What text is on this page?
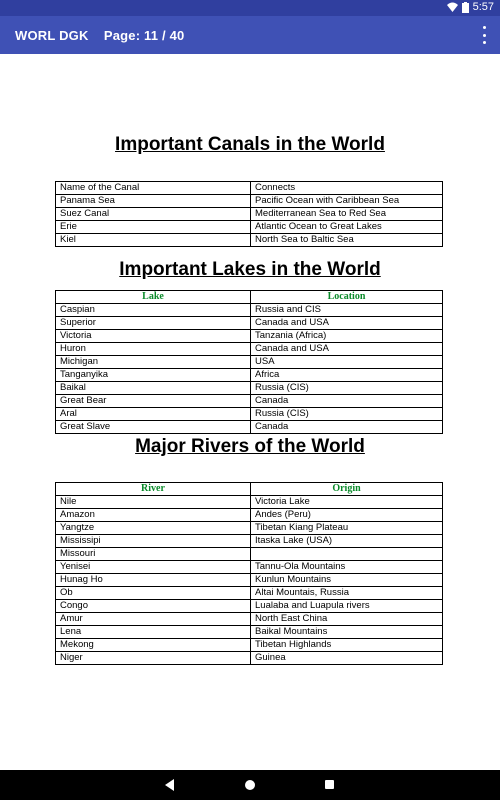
5:57
WORL DGK    Page: 11 / 40
Important Canals in the World
Name of the Canal	Connects
Panama Sea	Pacific Ocean with Caribbean Sea
Suez Canal	Mediterranean Sea to Red Sea
Erie	Atlantic Ocean to Great Lakes
Kiel	North Sea to Baltic Sea
Important Lakes in the World
Lake	Location
Caspian	Russia and CIS
Superior	Canada and USA
Victoria	Tanzania (Africa)
Huron	Canada and USA
Michigan	USA
Tanganyika	Africa
Baikal	Russia (CIS)
Great Bear	Canada
Aral	Russia (CIS)
Great Slave	Canada
Major Rivers of the World
River	Origin
Nile	Victoria Lake
Amazon	Andes (Peru)
Yangtze	Tibetan Kiang Plateau
Mississipi	Itaska Lake (USA)
Missouri	
Yenisei	Tannu-Ola Mountains
Hunag Ho	Kunlun Mountains
Ob	Altai Mountais, Russia
Congo	Lualaba and Luapula rivers
Amur	North East China
Lena	Baikal Mountains
Mekong	Tibetan Highlands
Niger	Guinea
